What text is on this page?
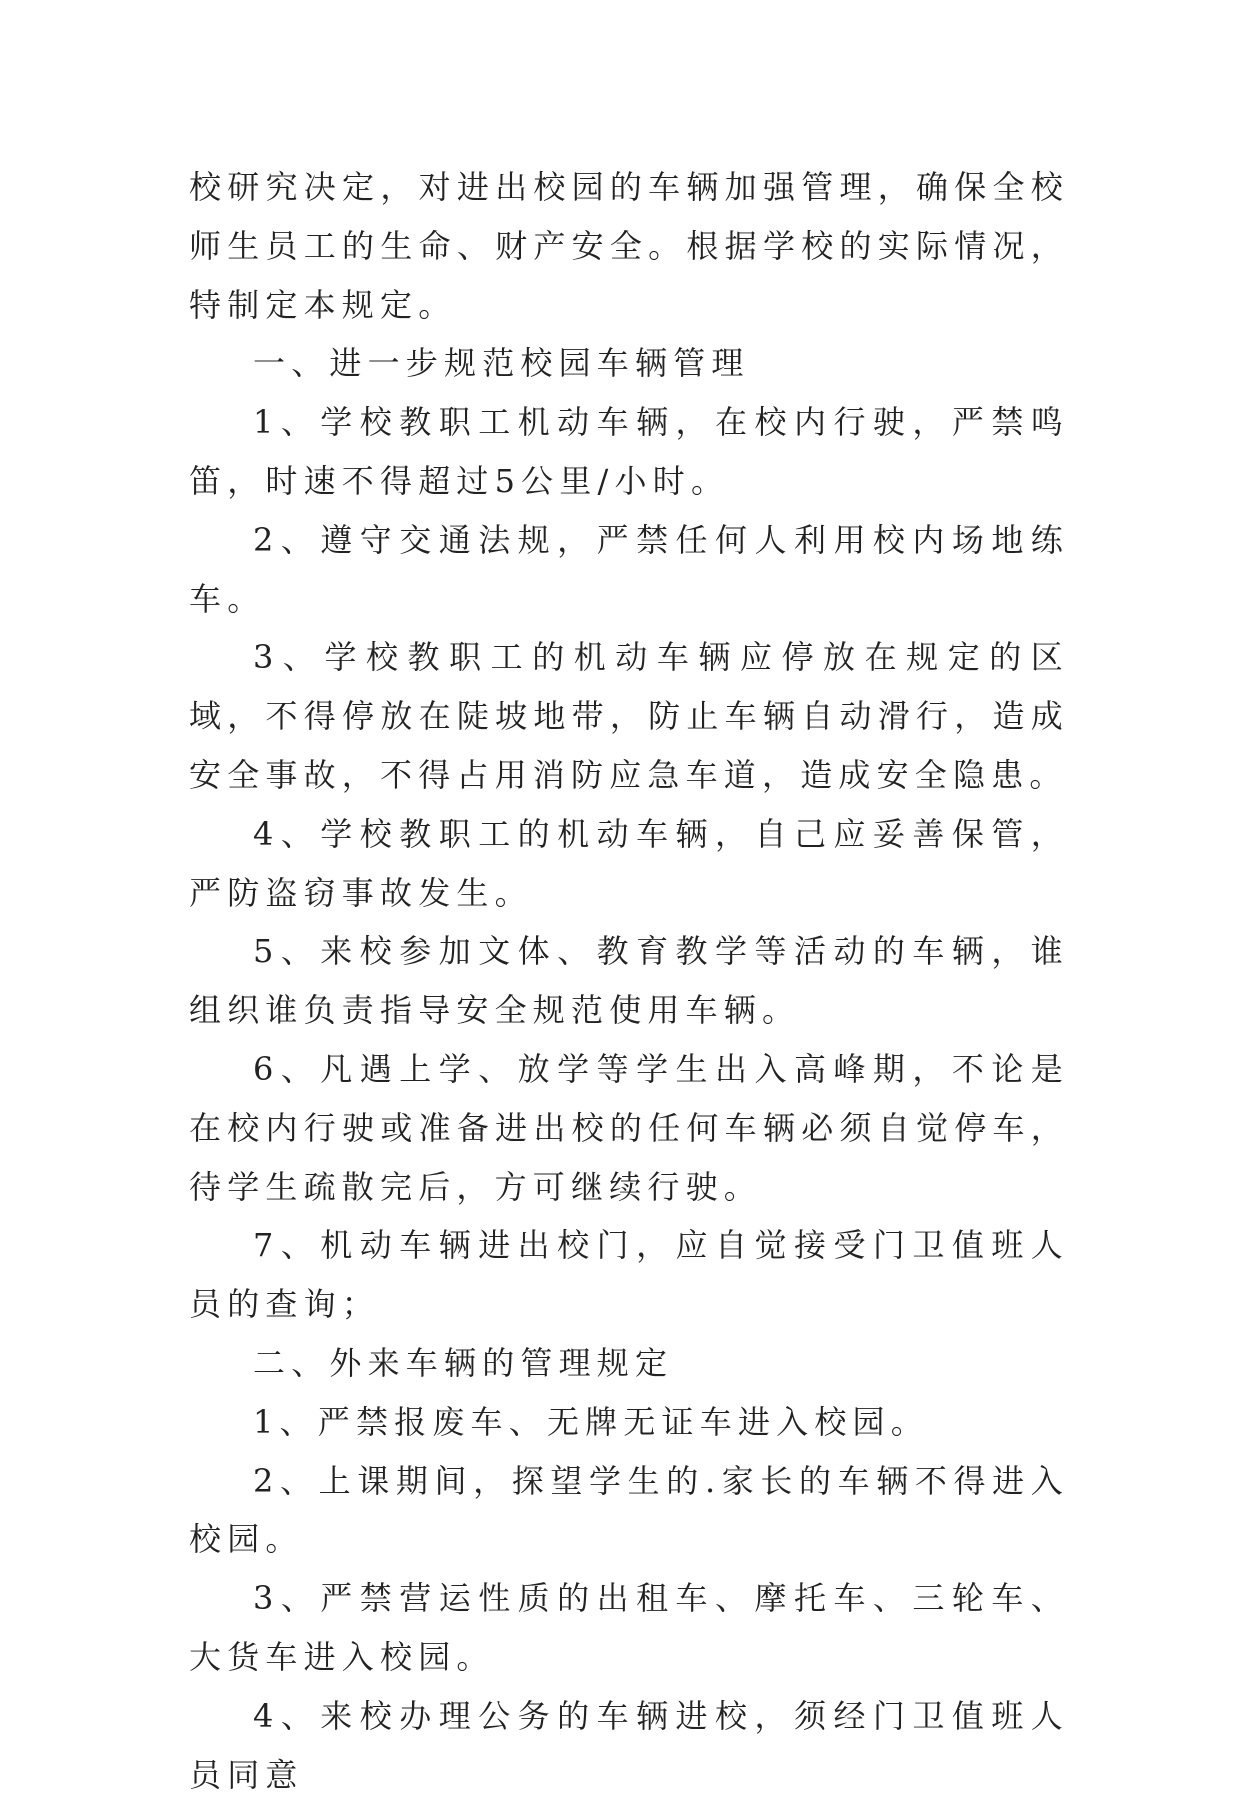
校研究决定，对进出校园的车辆加强管理，确保全校师生员工的生命、财产安全。根据学校的实际情况，特制定本规定。

一、进一步规范校园车辆管理

1、学校教职工机动车辆，在校内行驶，严禁鸣笛，时速不得超过5公里/小时。

2、遵守交通法规，严禁任何人利用校内场地练车。

3、学校教职工的机动车辆应停放在规定的区域，不得停放在陡坡地带，防止车辆自动滑行，造成安全事故，不得占用消防应急车道，造成安全隐患。

4、学校教职工的机动车辆，自己应妥善保管，严防盗窃事故发生。

5、来校参加文体、教育教学等活动的车辆，谁组织谁负责指导安全规范使用车辆。

6、凡遇上学、放学等学生出入高峰期，不论是在校内行驶或准备进出校的任何车辆必须自觉停车，待学生疏散完后，方可继续行驶。

7、机动车辆进出校门，应自觉接受门卫值班人员的查询；

二、外来车辆的管理规定

1、严禁报废车、无牌无证车进入校园。

2、上课期间，探望学生的.家长的车辆不得进入校园。

3、严禁营运性质的出租车、摩托车、三轮车、大货车进入校园。

4、来校办理公务的车辆进校，须经门卫值班人员同意
